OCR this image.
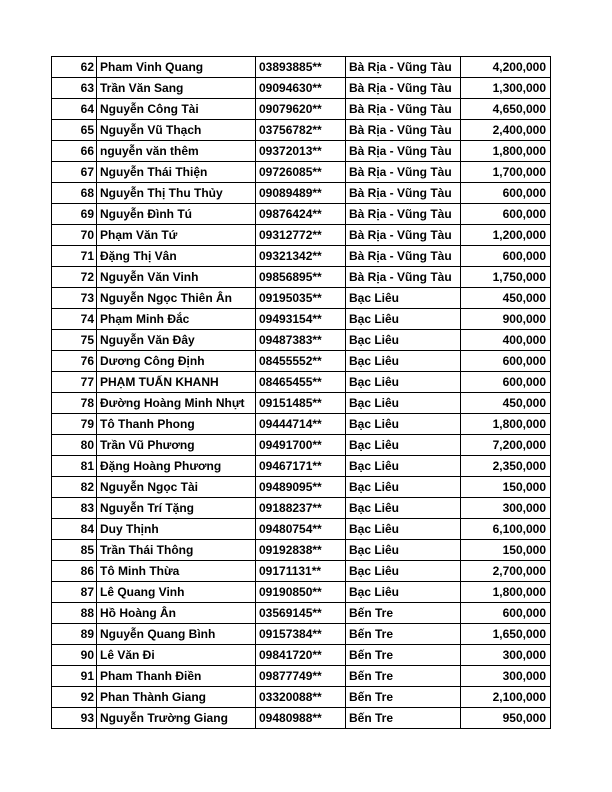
62	Pham Vinh Quang	03893885**	Bà Rịa - Vũng Tàu	4,200,000
63	Trần Văn Sang	09094630**	Bà Rịa - Vũng Tàu	1,300,000
64	Nguyễn Công Tài	09079620**	Bà Rịa - Vũng Tàu	4,650,000
65	Nguyễn Vũ Thạch	03756782**	Bà Rịa - Vũng Tàu	2,400,000
66	nguyễn văn thêm	09372013**	Bà Rịa - Vũng Tàu	1,800,000
67	Nguyễn Thái Thiện	09726085**	Bà Rịa - Vũng Tàu	1,700,000
68	Nguyễn Thị Thu Thủy	09089489**	Bà Rịa - Vũng Tàu	600,000
69	Nguyễn Đình Tú	09876424**	Bà Rịa - Vũng Tàu	600,000
70	Phạm Văn Tứ	09312772**	Bà Rịa - Vũng Tàu	1,200,000
71	Đặng Thị Vân	09321342**	Bà Rịa - Vũng Tàu	600,000
72	Nguyễn Văn Vinh	09856895**	Bà Rịa - Vũng Tàu	1,750,000
73	Nguyễn Ngọc Thiên Ân	09195035**	Bạc Liêu	450,000
74	Phạm Minh Đắc	09493154**	Bạc Liêu	900,000
75	Nguyễn Văn Đây	09487383**	Bạc Liêu	400,000
76	Dương Công Định	08455552**	Bạc Liêu	600,000
77	PHẠM TUẤN KHANH	08465455**	Bạc Liêu	600,000
78	Đường Hoàng Minh Nhựt	09151485**	Bạc Liêu	450,000
79	Tô Thanh Phong	09444714**	Bạc Liêu	1,800,000
80	Trần Vũ Phương	09491700**	Bạc Liêu	7,200,000
81	Đặng Hoàng Phương	09467171**	Bạc Liêu	2,350,000
82	Nguyễn Ngọc Tài	09489095**	Bạc Liêu	150,000
83	Nguyễn Trí Tặng	09188237**	Bạc Liêu	300,000
84	Duy Thịnh	09480754**	Bạc Liêu	6,100,000
85	Trần Thái Thông	09192838**	Bạc Liêu	150,000
86	Tô Minh Thừa	09171131**	Bạc Liêu	2,700,000
87	Lê Quang Vinh	09190850**	Bạc Liêu	1,800,000
88	Hồ Hoàng Ân	03569145**	Bến Tre	600,000
89	Nguyễn Quang Bình	09157384**	Bến Tre	1,650,000
90	Lê Văn Đi	09841720**	Bến Tre	300,000
91	Pham Thanh Điền	09877749**	Bến Tre	300,000
92	Phan Thành Giang	03320088**	Bến Tre	2,100,000
93	Nguyễn Trường Giang	09480988**	Bến Tre	950,000
